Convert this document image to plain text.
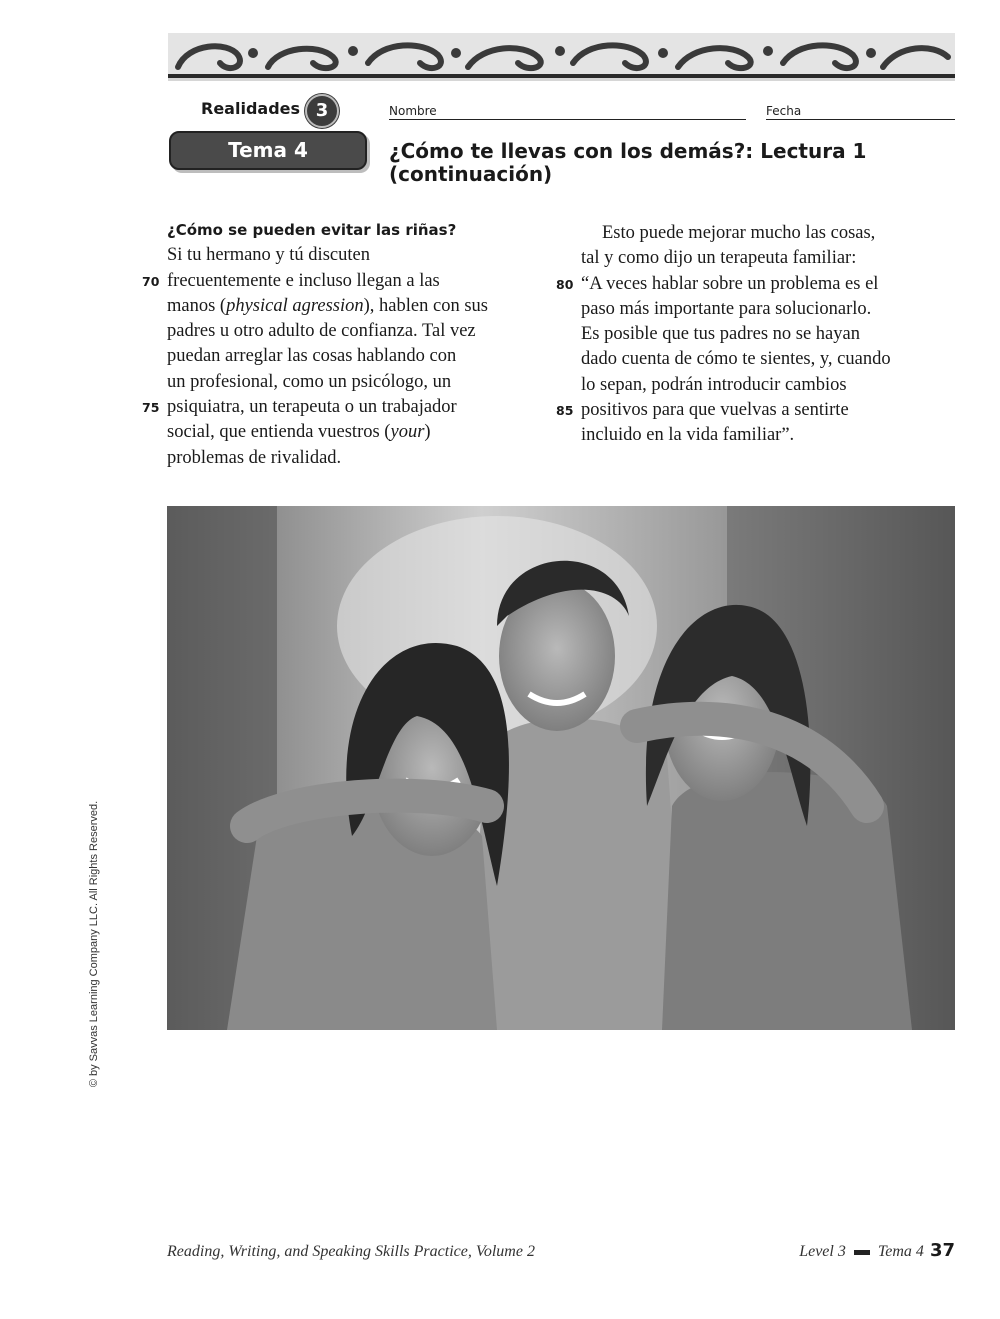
Realidades 3	Nombre	Fecha
Tema 4	¿Cómo te llevas con los demás?: Lectura 1
(continuación)
¿Cómo se pueden evitar las riñas?
Si tu hermano y tú discuten
70 frecuentemente e incluso llegan a las
manos (physical agression), hablen con sus
padres u otro adulto de confianza. Tal vez
puedan arreglar las cosas hablando con
un profesional, como un psicólogo, un
75 psiquiatra, un terapeuta o un trabajador
social, que entienda vuestros (your)
problemas de rivalidad.
Esto puede mejorar mucho las cosas,
tal y como dijo un terapeuta familiar:
80 “A veces hablar sobre un problema es el
paso más importante para solucionarlo.
Es posible que tus padres no se hayan
dado cuenta de cómo te sientes, y, cuando
lo sepan, podrán introducir cambios
85 positivos para que vuelvas a sentirte
incluido en la vida familiar”.
© by Savvas Learning Company LLC. All Rights Reserved.
Reading, Writing, and Speaking Skills Practice, Volume 2	Level 3 Tema 4 37
